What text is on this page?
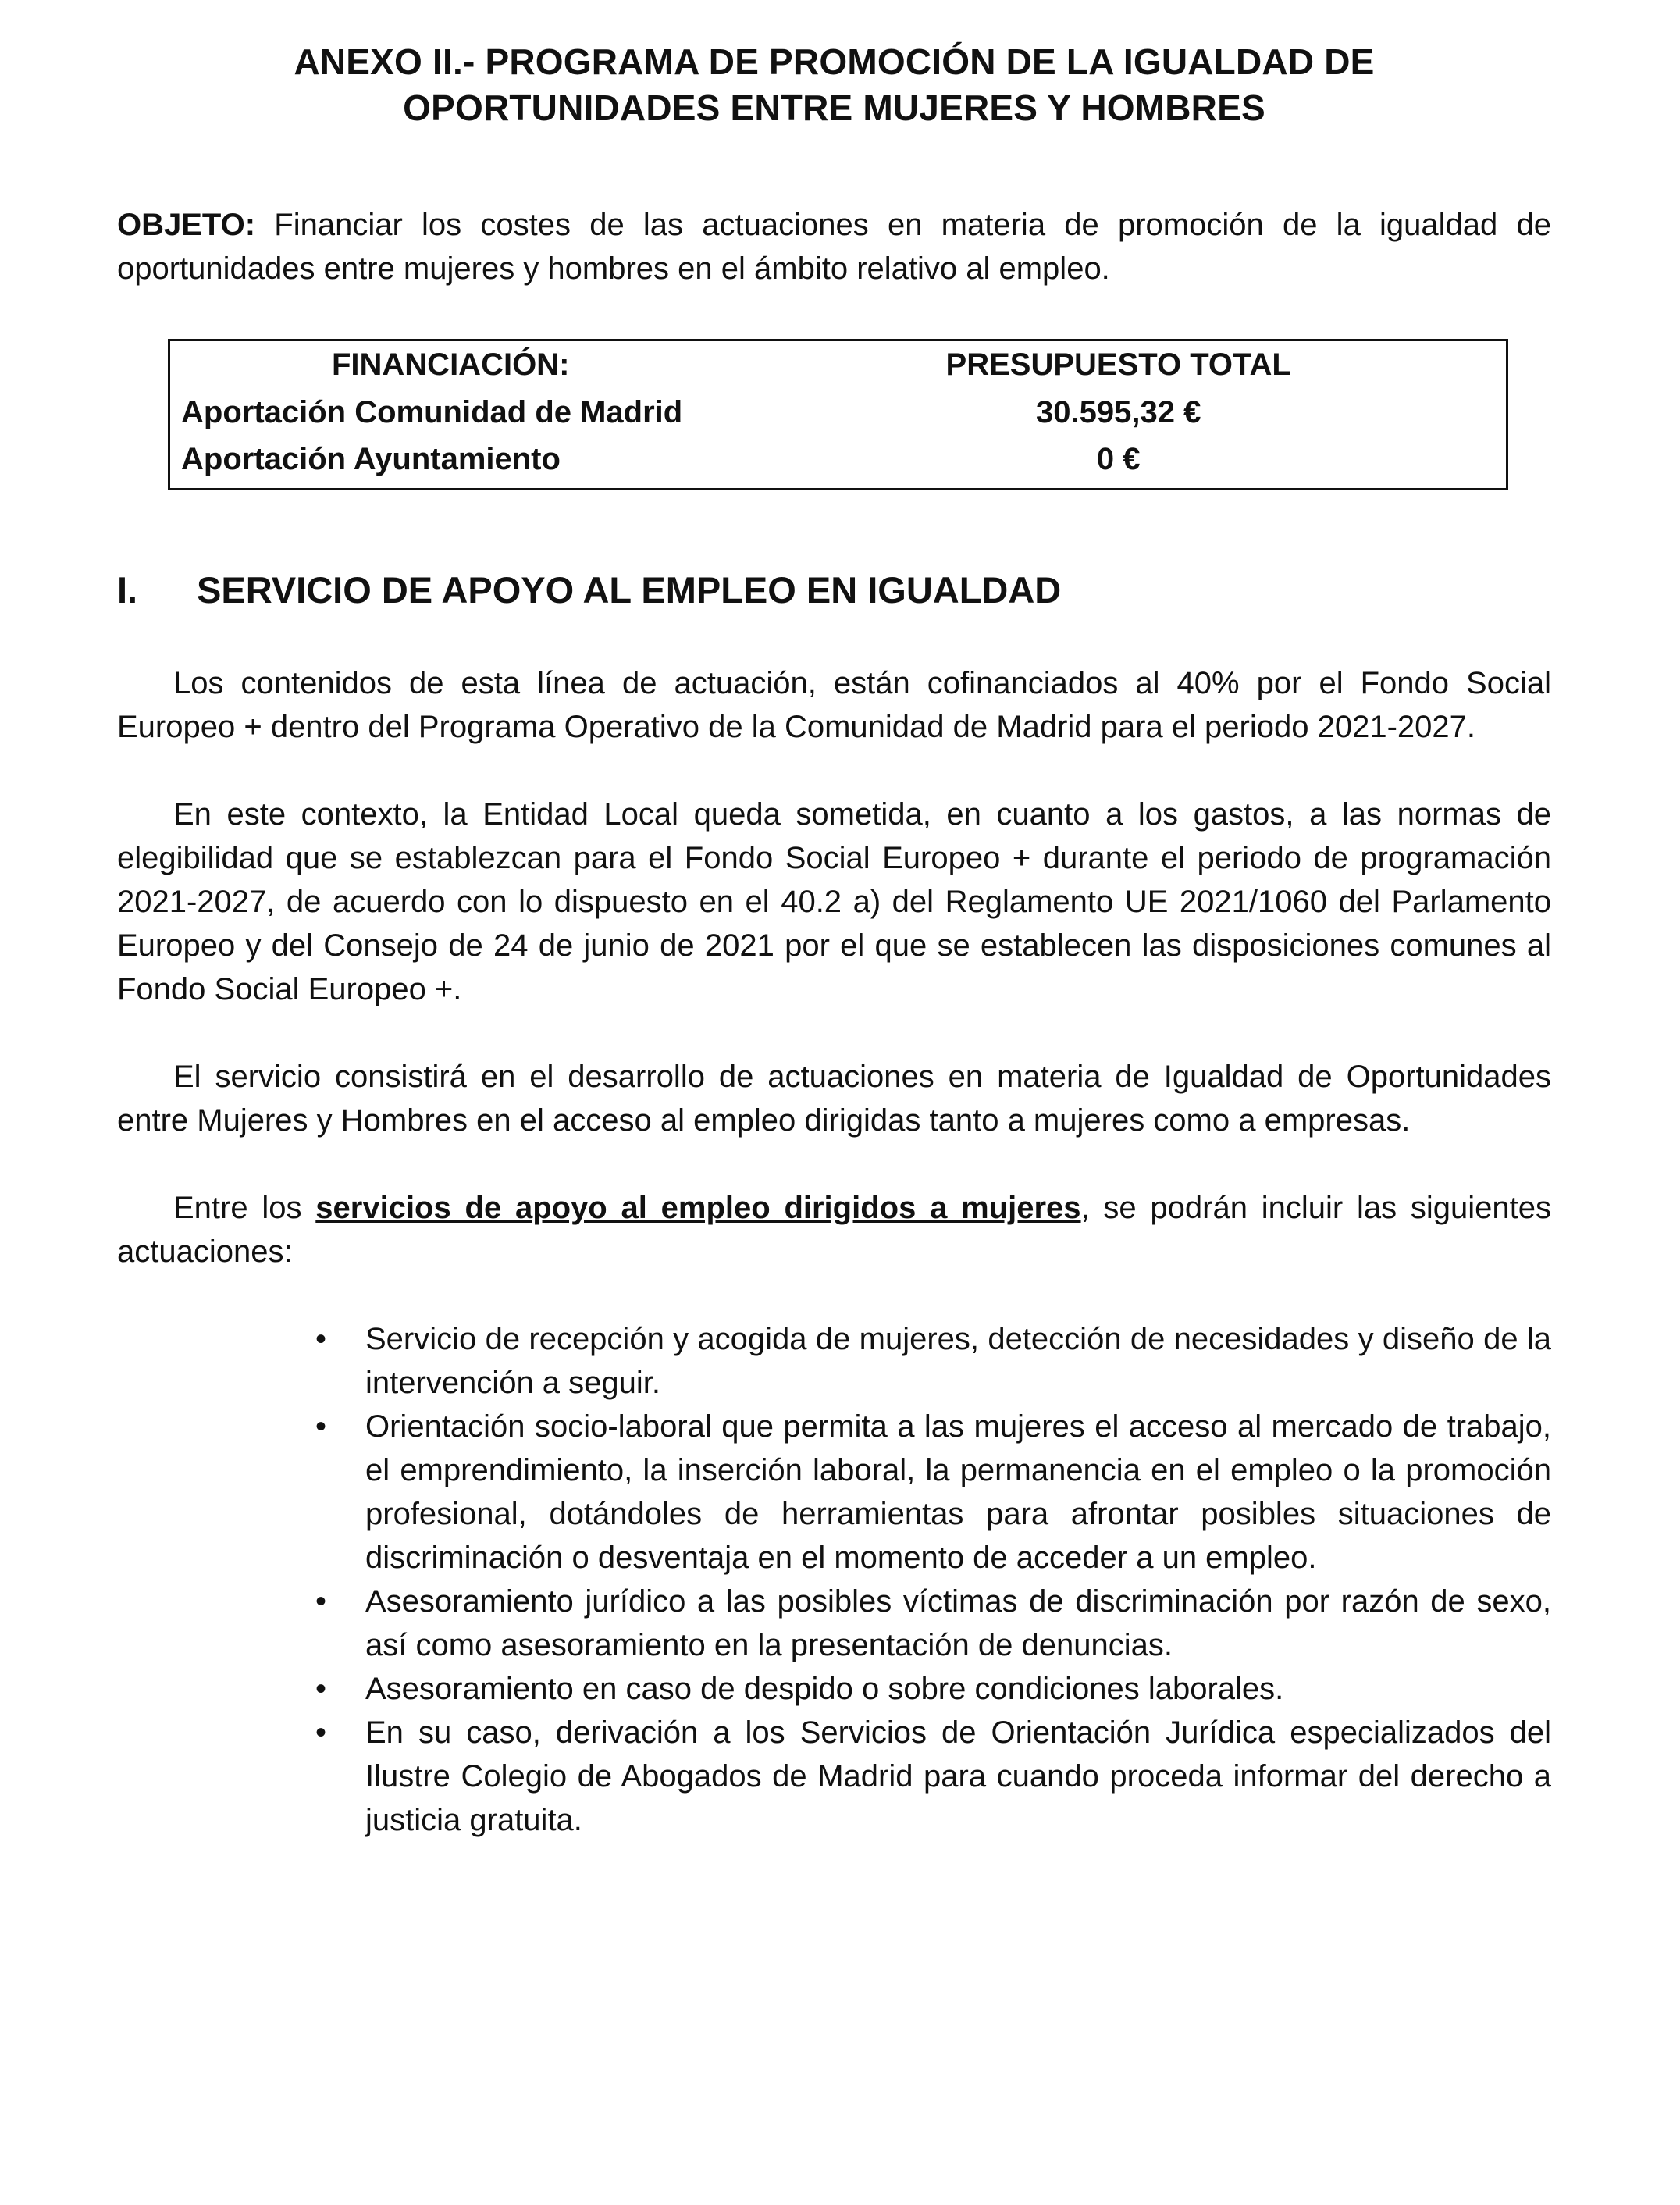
ANEXO II.- PROGRAMA DE PROMOCIÓN DE LA IGUALDAD DE OPORTUNIDADES ENTRE MUJERES Y HOMBRES

OBJETO: Financiar los costes de las actuaciones en materia de promoción de la igualdad de oportunidades entre mujeres y hombres en el ámbito relativo al empleo.

FINANCIACIÓN:	PRESUPUESTO TOTAL
Aportación Comunidad de Madrid	30.595,32 €
Aportación Ayuntamiento	0 €
I.	SERVICIO DE APOYO AL EMPLEO EN IGUALDAD

Los contenidos de esta línea de actuación, están cofinanciados al 40% por el Fondo Social Europeo + dentro del Programa Operativo de la Comunidad de Madrid para el periodo 2021-2027.

En este contexto, la Entidad Local queda sometida, en cuanto a los gastos, a las normas de elegibilidad que se establezcan para el Fondo Social Europeo + durante el periodo de programación 2021-2027, de acuerdo con lo dispuesto en el 40.2 a) del Reglamento UE 2021/1060 del Parlamento Europeo y del Consejo de 24 de junio de 2021 por el que se establecen las disposiciones comunes al Fondo Social Europeo +.

El servicio consistirá en el desarrollo de actuaciones en materia de Igualdad de Oportunidades entre Mujeres y Hombres en el acceso al empleo dirigidas tanto a mujeres como a empresas.

Entre los servicios de apoyo al empleo dirigidos a mujeres, se podrán incluir las siguientes actuaciones:

• Servicio de recepción y acogida de mujeres, detección de necesidades y diseño de la intervención a seguir.
• Orientación socio-laboral que permita a las mujeres el acceso al mercado de trabajo, el emprendimiento, la inserción laboral, la permanencia en el empleo o la promoción profesional, dotándoles de herramientas para afrontar posibles situaciones de discriminación o desventaja en el momento de acceder a un empleo.
• Asesoramiento jurídico a las posibles víctimas de discriminación por razón de sexo, así como asesoramiento en la presentación de denuncias.
• Asesoramiento en caso de despido o sobre condiciones laborales.
• En su caso, derivación a los Servicios de Orientación Jurídica especializados del Ilustre Colegio de Abogados de Madrid para cuando proceda informar del derecho a justicia gratuita.
